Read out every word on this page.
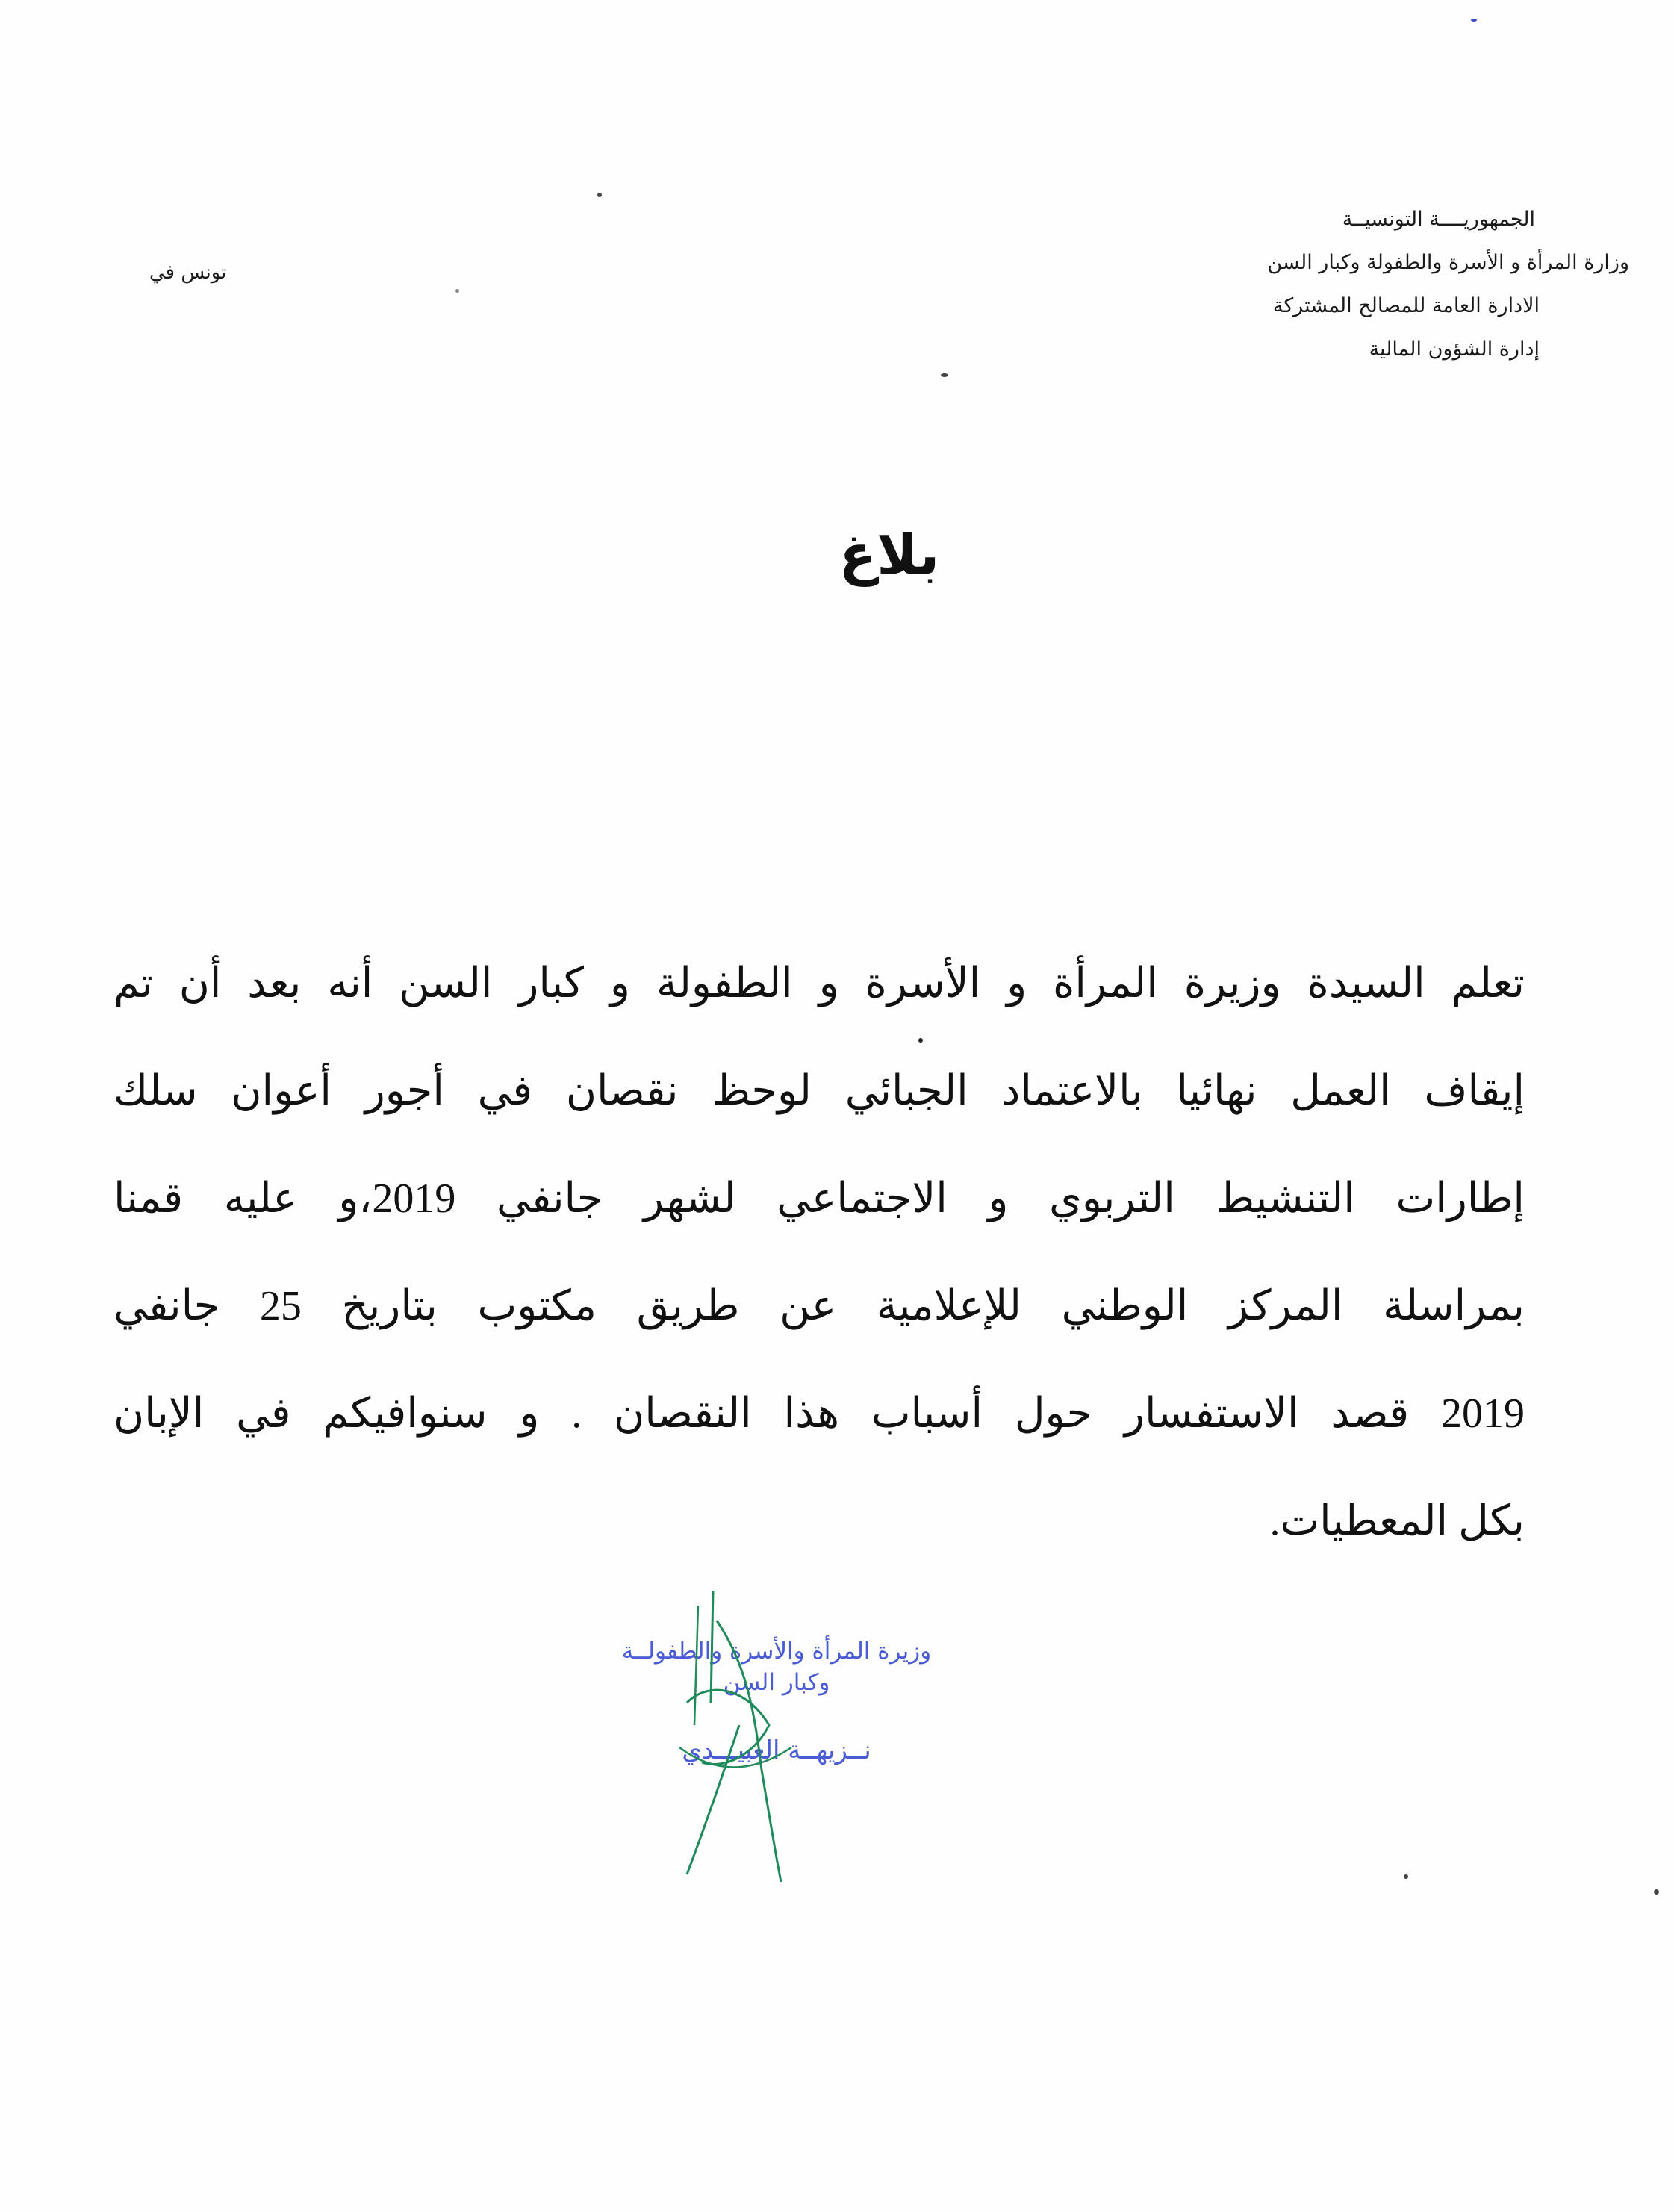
الجمهوريــــة التونسيــة
وزارة المرأة و الأسرة والطفولة وكبار السن
الادارة العامة للمصالح المشتركة
إدارة الشؤون المالية
تونس في
بلاغ
تعلم السيدة وزيرة المرأة و الأسرة و الطفولة و كبار السن أنه بعد أن تم
إيقاف العمل نهائيا بالاعتماد الجبائي لوحظ نقصان في أجور أعوان سلك
إطارات التنشيط التربوي و الاجتماعي لشهر جانفي 2019،و عليه قمنا
بمراسلة المركز الوطني للإعلامية عن طريق مكتوب بتاريخ 25 جانفي
2019 قصد الاستفسار حول أسباب هذا النقصان . و سنوافيكم في الإبان
بكل المعطيات.
وزيرة المرأة والأسرة والطفولــة
وكبار السن
نــزيهــة العبيـــدي
